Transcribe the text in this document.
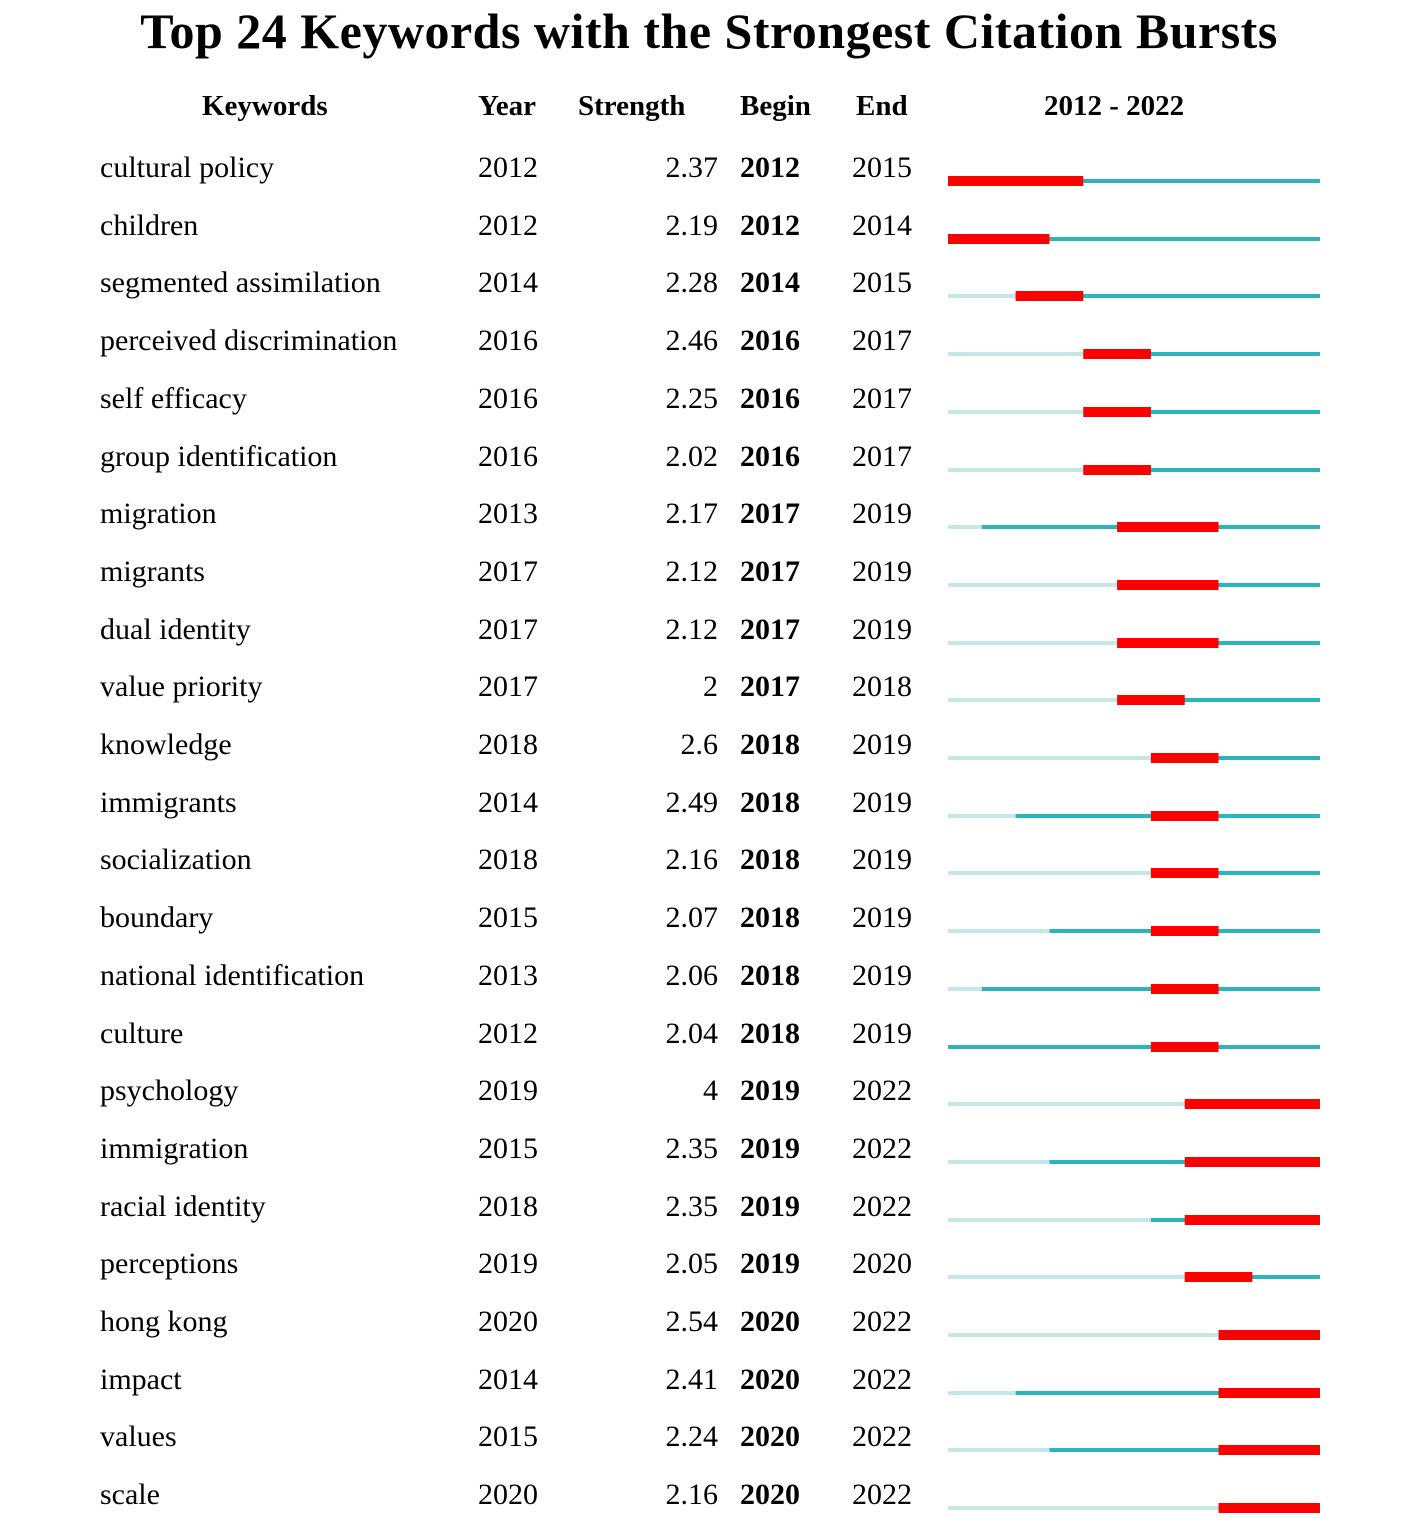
Top 24 Keywords with the Strongest Citation Bursts
Keywords	Year Strength Begin End	2012 - 2022
cultural policy	2012	2.37 2012 2015
children	2012	2.19 2012 2014
segmented assimilation	2014	2.28 2014 2015
perceived discrimination	2016	2.46 2016 2017
self efficacy	2016	2.25 2016 2017
group identification	2016	2.02 2016 2017
migration	2013	2.17 2017 2019
migrants	2017	2.12 2017 2019
dual identity	2017	2.12 2017 2019
value priority	2017	2 2017 2018
knowledge	2018	2.6 2018 2019
immigrants	2014	2.49 2018 2019
socialization	2018	2.16 2018 2019
boundary	2015	2.07 2018 2019
national identification	2013	2.06 2018 2019
culture	2012	2.04 2018 2019
psychology	2019	4 2019 2022
immigration	2015	2.35 2019 2022
racial identity	2018	2.35 2019 2022
perceptions	2019	2.05 2019 2020
hong kong	2020	2.54 2020 2022
impact	2014	2.41 2020 2022
values	2015	2.24 2020 2022
scale	2020	2.16 2020 2022
